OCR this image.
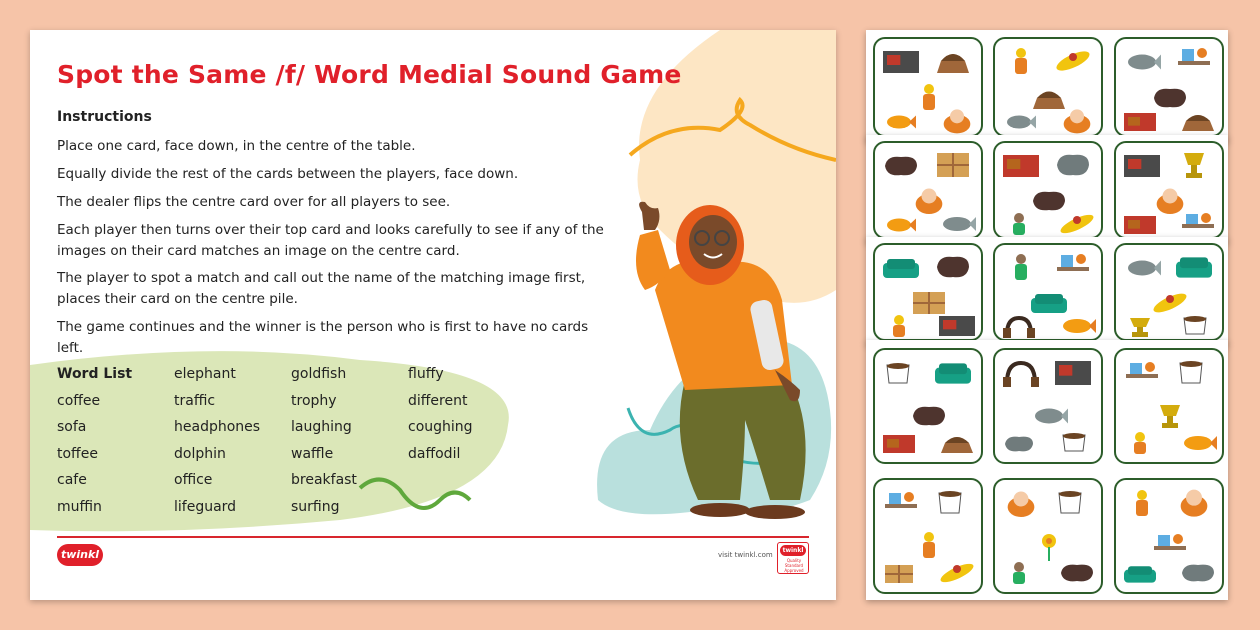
Spot the Same /f/ Word Medial Sound Game
Instructions
Place one card, face down, in the centre of the table.
Equally divide the rest of the cards between the players, face down.
The dealer flips the centre card over for all players to see.
Each player then turns over their top card and looks carefully to see if any of the images on their card matches an image on the centre card.
The player to spot a match and call out the name of the matching image first, places their card on the centre pile.
The game continues and the winner is the person who is first to have no cards left.
Word List
coffee
sofa
toffee
cafe
muffin
elephant
traffic
headphones
dolphin
office
lifeguard
goldfish
trophy
laughing
waffle
breakfast
surfing
fluffy
different
coughing
daffodil
twinkl	visit twinkl.com
twinkl
Quality Standard Approved
